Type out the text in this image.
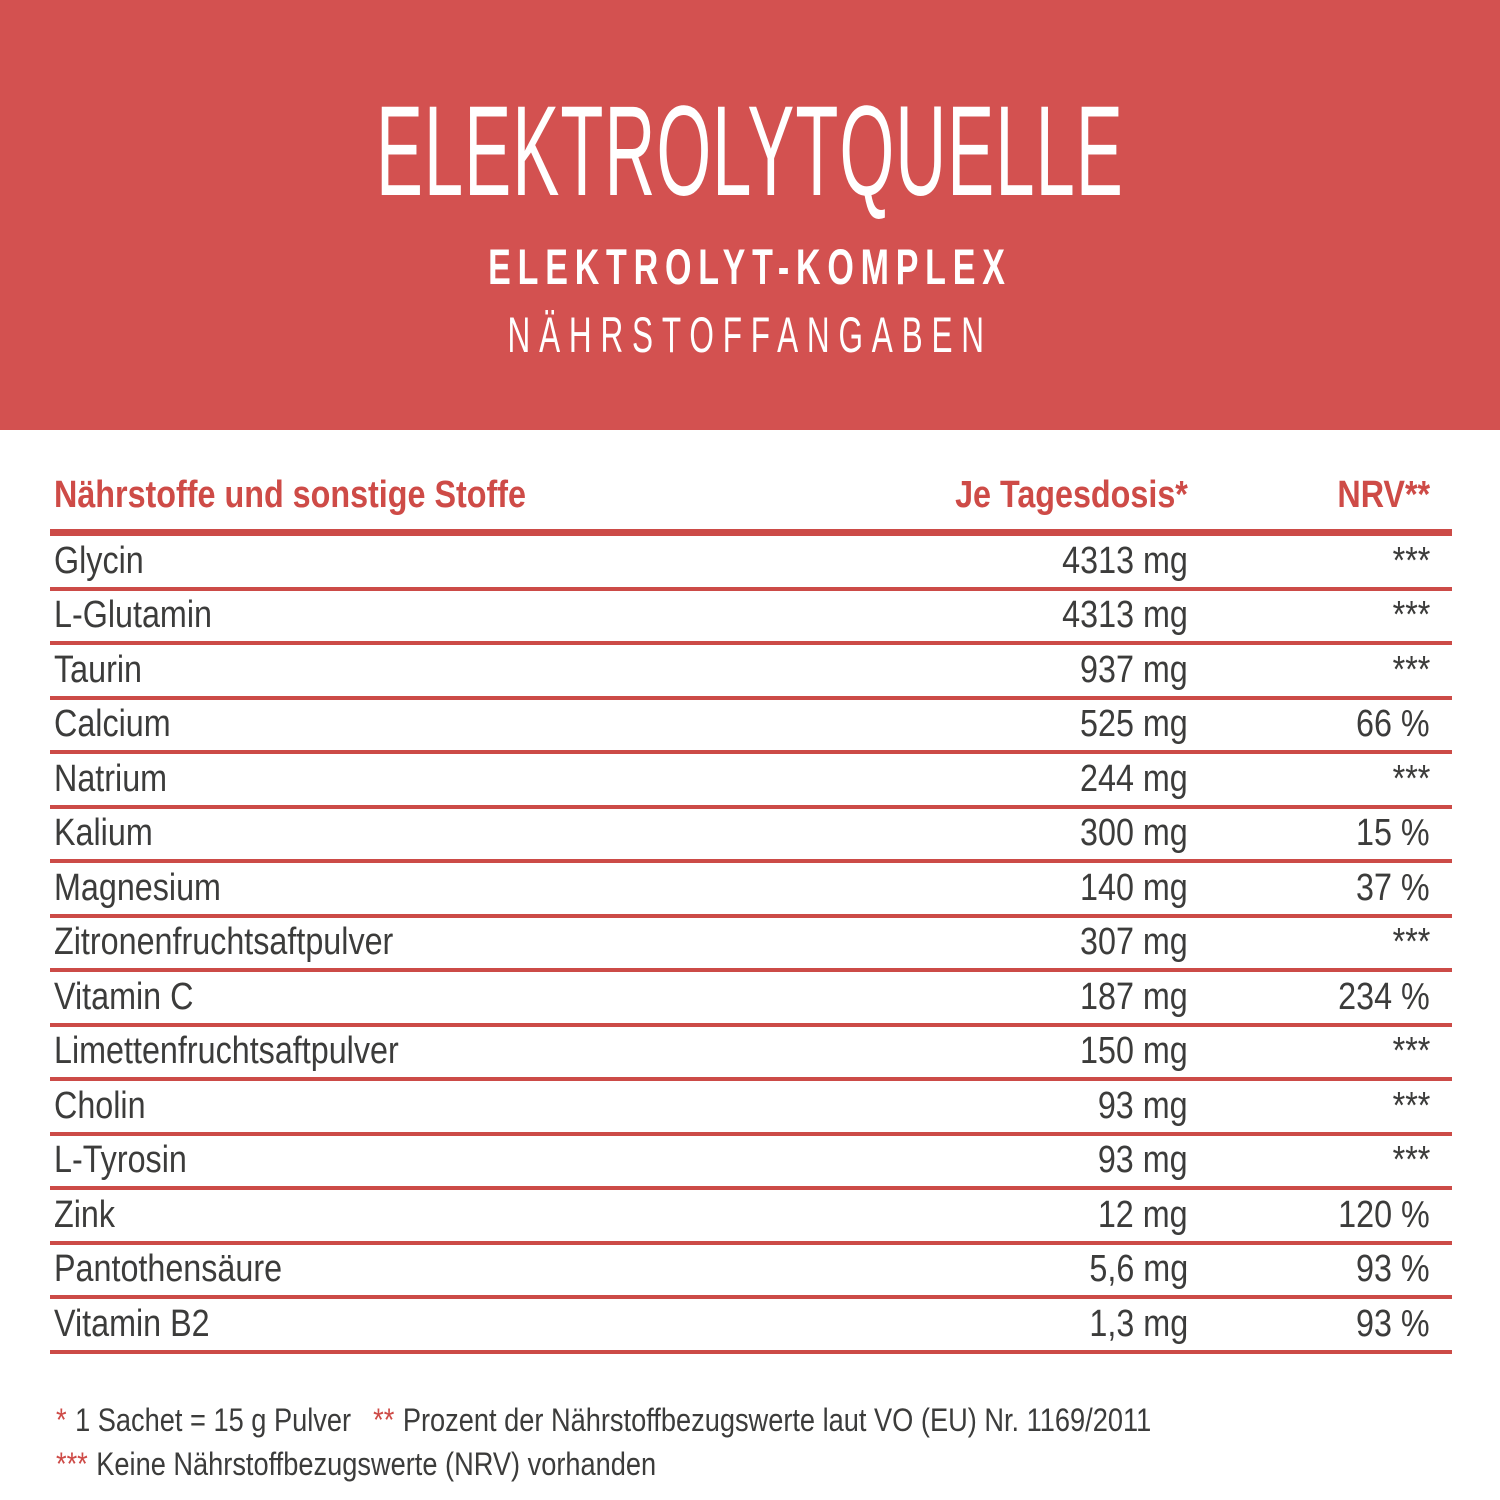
ELEKTROLYTQUELLE
ELEKTROLYT-KOMPLEX
NÄHRSTOFFANGABEN
Nährstoffe und sonstige Stoffe	Je Tagesdosis*	NRV**
Glycin	4313 mg	***
L-Glutamin	4313 mg	***
Taurin	937 mg	***
Calcium	525 mg	66 %
Natrium	244 mg	***
Kalium	300 mg	15 %
Magnesium	140 mg	37 %
Zitronenfruchtsaftpulver	307 mg	***
Vitamin C	187 mg	234 %
Limettenfruchtsaftpulver	150 mg	***
Cholin	93 mg	***
L-Tyrosin	93 mg	***
Zink	12 mg	120 %
Pantothensäure	5,6 mg	93 %
Vitamin B2	1,3 mg	93 %
* 1 Sachet = 15 g Pulver ** Prozent der Nährstoffbezugswerte laut VO (EU) Nr. 1169/2011
*** Keine Nährstoffbezugswerte (NRV) vorhanden
